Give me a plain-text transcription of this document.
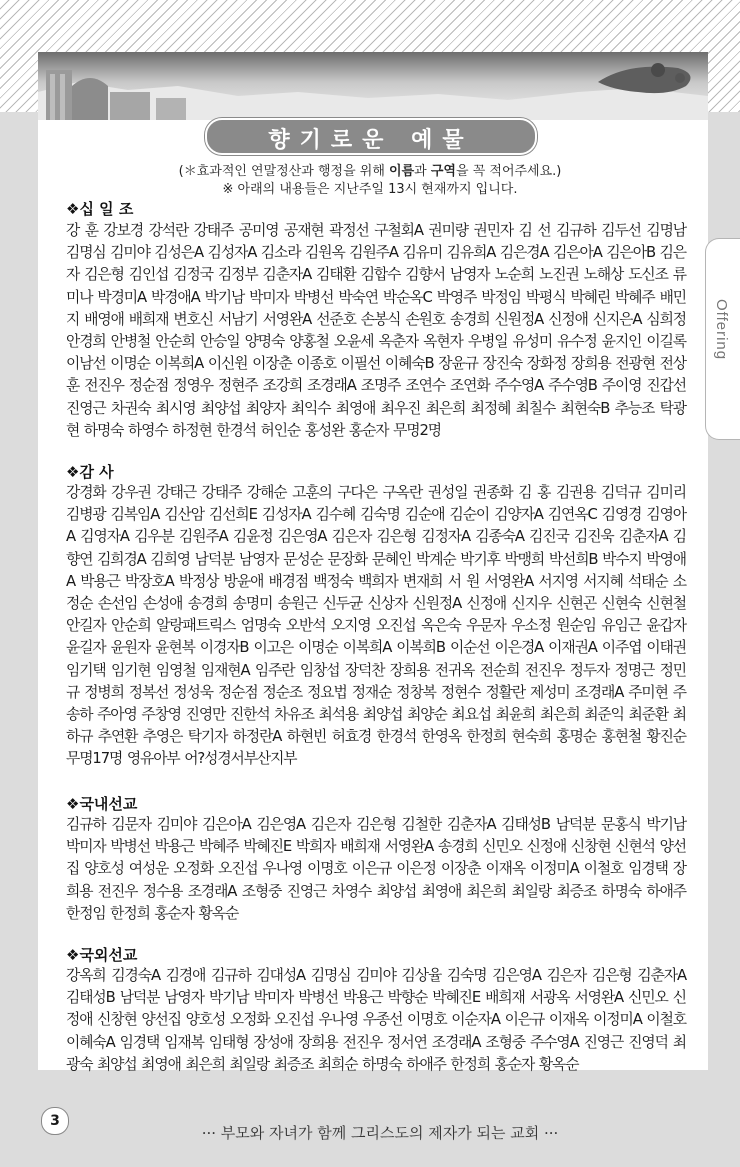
Offering
향기로운 예물
(＊효과적인 연말정산과 행정을 위해 이름과 구역을 꼭 적어주세요.)
※ 아래의 내용들은 지난주일 13시 현재까지 입니다.
❖십 일 조
강 훈 강보경 강석란 강태주 공미영 공재현 곽정선 구철회A 권미량 권민자 김 선 김규하 김두선 김명남 김명심 김미야 김성은A 김성자A 김소라 김원옥 김원주A 김유미 김유희A 김은경A 김은아A 김은아B 김은자 김은형 김인섭 김정국 김정부 김춘자A 김태환 김합수 김향서 남영자 노순희 노진권 노해상 도신조 류미나 박경미A 박경애A 박기남 박미자 박병선 박숙연 박순옥C 박영주 박정임 박평식 박혜린 박혜주 배민지 배영애 배희재 변호신 서남기 서영완A 선준호 손봉식 손원호 송경희 신원정A 신정애 신지은A 심희정 안경희 안병철 안순희 안승일 양명숙 양홍철 오윤세 옥춘자 옥현자 우병일 유성미 유수정 윤지인 이길록 이남선 이명순 이복희A 이신원 이장춘 이종호 이필선 이혜숙B 장윤규 장진숙 장화정 장희용 전광현 전상훈 전진우 정순점 정영우 정현주 조강희 조경래A 조명주 조연수 조연화 주수영A 주수영B 주이영 진갑선 진영근 차권숙 최시영 최양섭 최양자 최익수 최영애 최우진 최은희 최정혜 최칠수 최현숙B 추능조 탁광현 하명숙 하영수 하정현 한경석 허인순 홍성완 홍순자 무명2명
❖감 사
강경화 강우권 강태근 강태주 강해순 고훈의 구다은 구옥란 권성일 권종화 김 홍 김권용 김덕규 김미리 김병광 김복임A 김산암 김선희E 김성자A 김수혜 김숙명 김순애 김순이 김양자A 김연옥C 김영경 김영아A 김영자A 김우분 김원주A 김윤정 김은영A 김은자 김은형 김정자A 김종숙A 김진국 김진욱 김춘자A 김향연 김희경A 김희영 남덕분 남영자 문성순 문장화 문혜인 박계순 박기후 박맹희 박선희B 박수지 박영애A 박용근 박장호A 박정상 방윤애 배경점 백정숙 백희자 변재희 서 원 서영완A 서지영 서지혜 석태순 소정순 손선임 손성애 송경희 송명미 송원근 신두균 신상자 신원정A 신정애 신지우 신현곤 신현숙 신현철 안길자 안순희 알랑패트릭스 엄명숙 오반석 오지영 오진섭 옥은숙 우문자 우소정 원순임 유임근 윤갑자 윤길자 윤원자 윤현복 이경자B 이고은 이명순 이복희A 이복희B 이순선 이은경A 이재권A 이주엽 이태권 임기택 임기현 임영철 임재현A 임주란 임창섭 장덕찬 장희용 전귀옥 전순희 전진우 정두자 정명근 정민규 정병희 정복선 정성욱 정순점 정순조 정요법 정재순 정창복 정현수 정활란 제성미 조경래A 주미현 주송하 주아영 주창영 진영만 진한석 차유조 최석용 최양섭 최양순 최요섭 최윤희 최은희 최준익 최준환 최하규 추연환 추영은 탁기자 하정란A 하현빈 허효경 한경석 한영옥 한정희 현숙희 홍명순 홍현철 황진순 무명17명 영유아부 어?성경서부산지부
❖국내선교
김규하 김문자 김미야 김은아A 김은영A 김은자 김은형 김철한 김춘자A 김태성B 남덕분 문홍식 박기남 박미자 박병선 박용근 박혜주 박혜진E 박희자 배희재 서영완A 송경희 신민오 신정애 신창현 신현석 양선집 양호성 여성운 오정화 오진섭 우나영 이명호 이은규 이은정 이장춘 이재옥 이정미A 이철호 임경택 장희용 전진우 정수용 조경래A 조형중 진영근 차영수 최양섭 최영애 최은희 최일랑 최증조 하명숙 하애주 한정임 한정희 홍순자 황옥순
❖국외선교
강옥희 김경숙A 김경애 김규하 김대성A 김명심 김미야 김상율 김숙명 김은영A 김은자 김은형 김춘자A 김태성B 남덕분 남영자 박기남 박미자 박병선 박용근 박향순 박혜진E 배희재 서광옥 서영완A 신민오 신정애 신창현 양선집 양호성 오정화 오진섭 우나영 우종선 이명호 이순자A 이은규 이재옥 이정미A 이철호 이혜숙A 임경택 임재복 임태형 장성애 장희용 전진우 정서연 조경래A 조형중 주수영A 진영근 진영덕 최광숙 최양섭 최영애 최은희 최일랑 최증조 최희순 하명숙 하애주 한정희 홍순자 황옥순
3
··· 부모와 자녀가 함께 그리스도의 제자가 되는 교회 ···
